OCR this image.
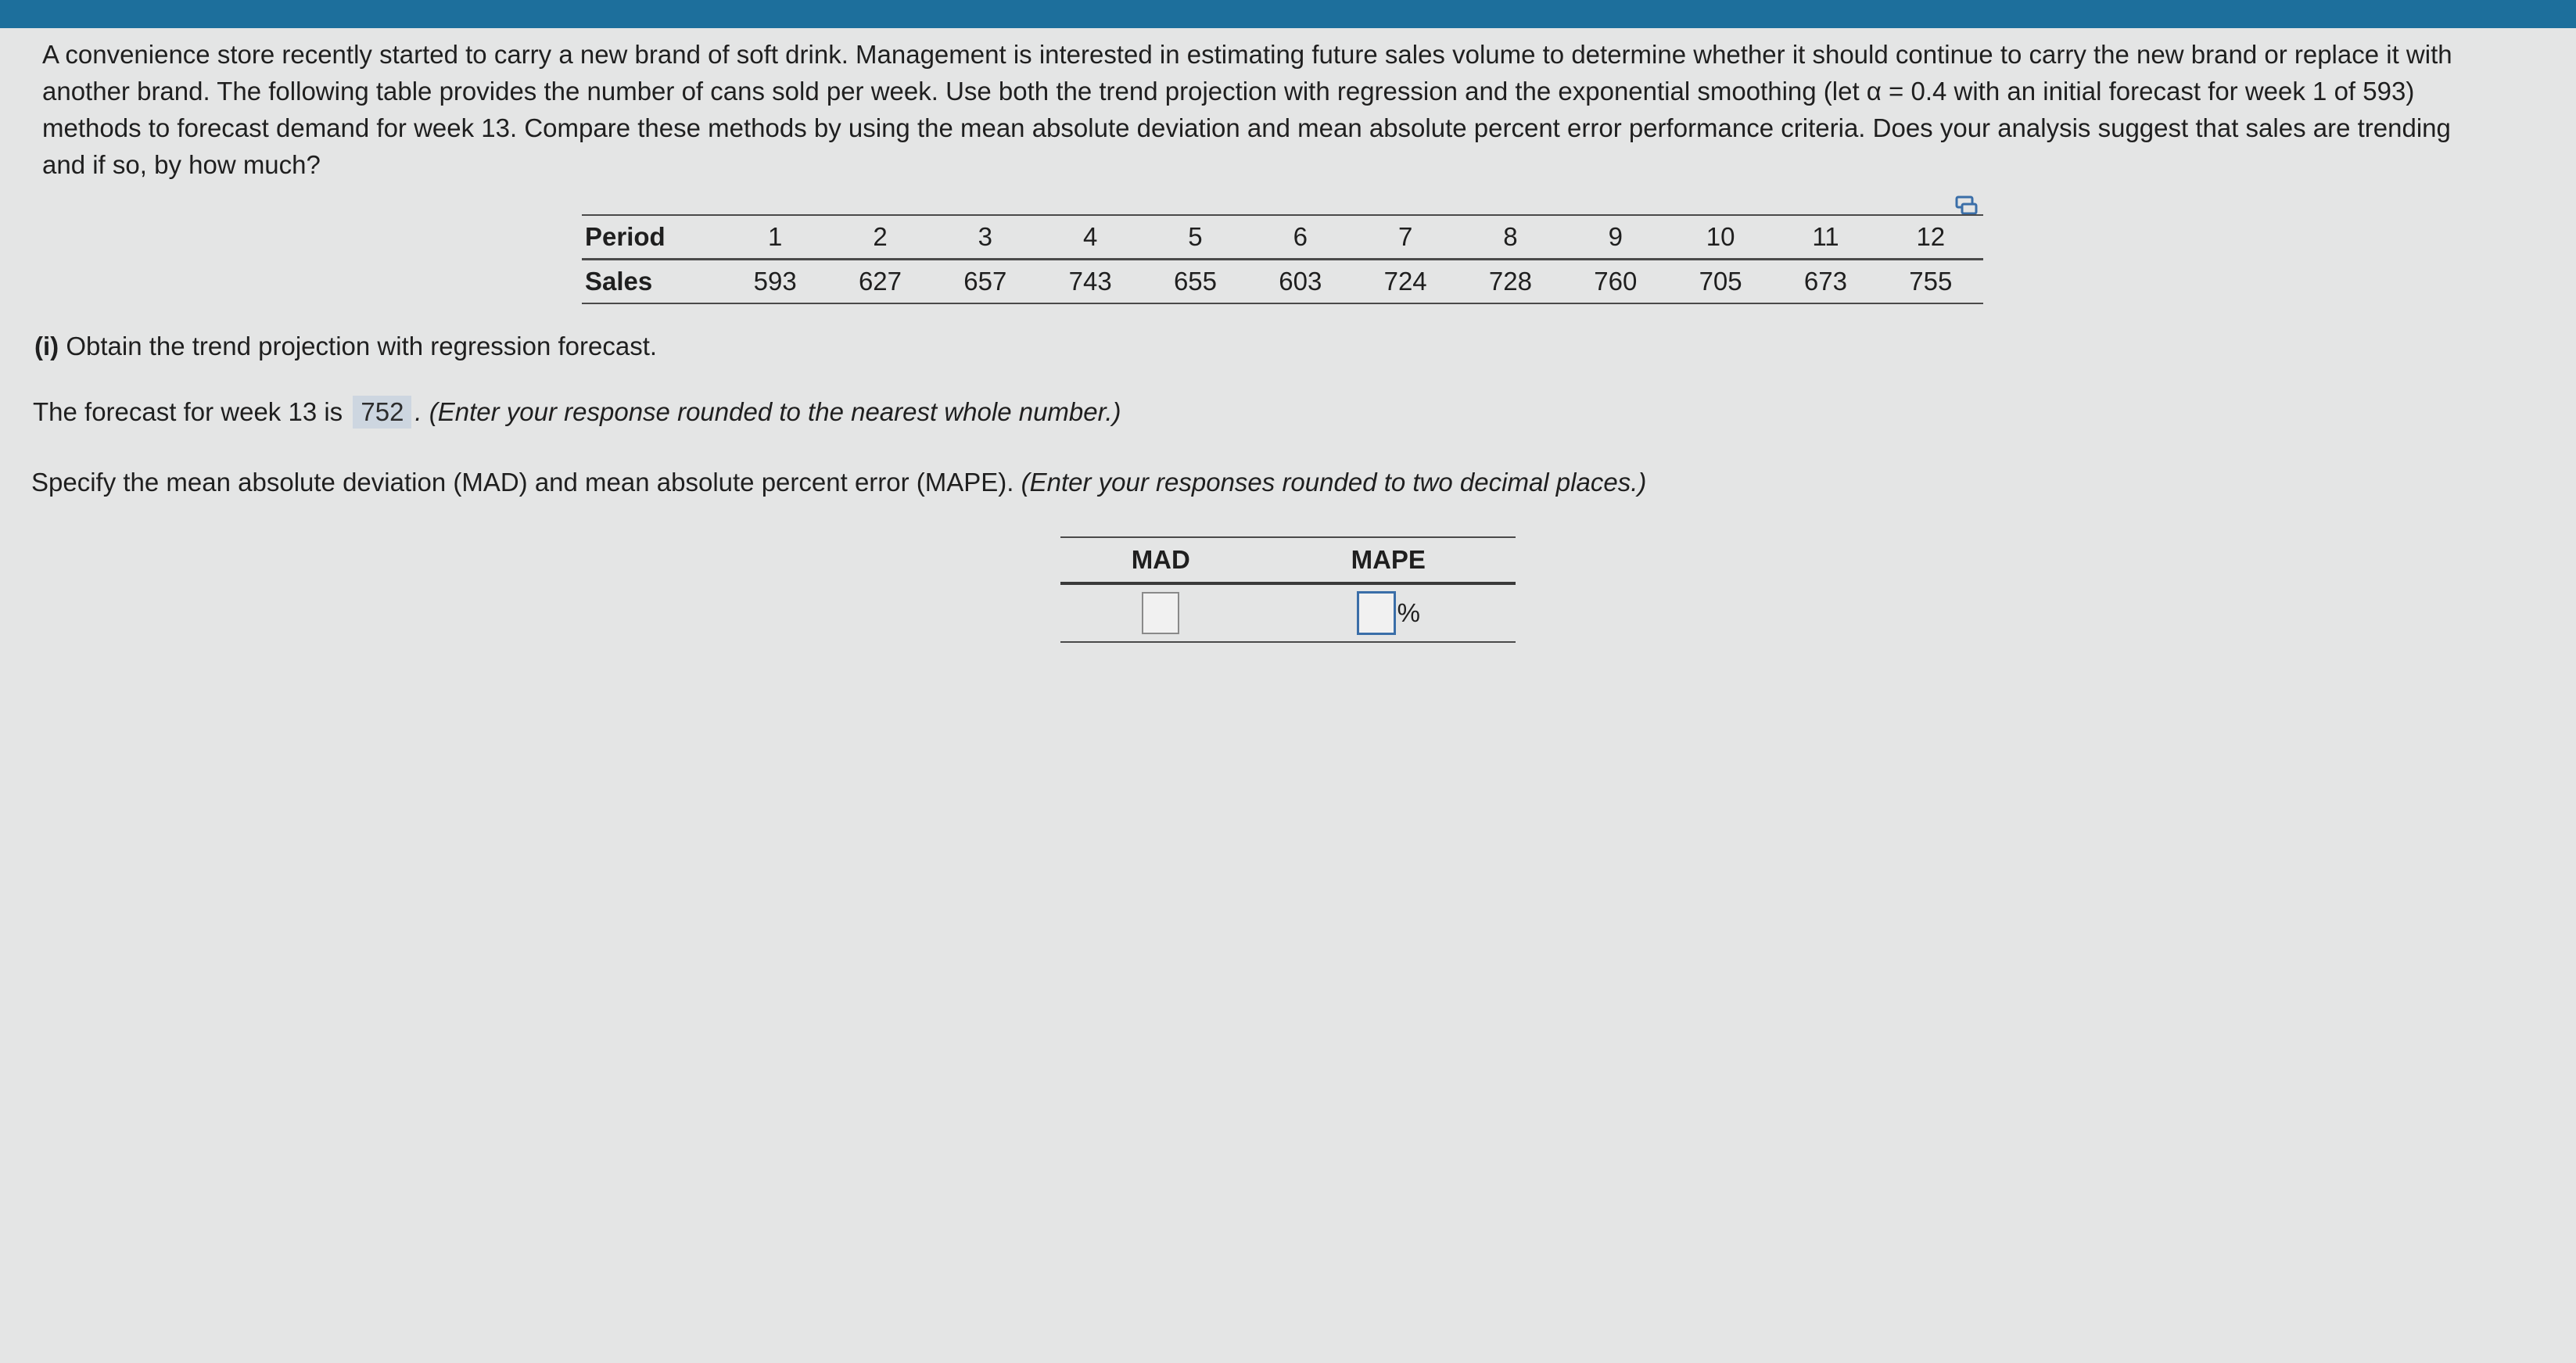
A convenience store recently started to carry a new brand of soft drink. Management is interested in estimating future sales volume to determine whether it should continue to carry the new brand or replace it with another brand. The following table provides the number of cans sold per week. Use both the trend projection with regression and the exponential smoothing (let α = 0.4 with an initial forecast for week 1 of 593) methods to forecast demand for week 13. Compare these methods by using the mean absolute deviation and mean absolute percent error performance criteria. Does your analysis suggest that sales are trending and if so, by how much?

Period	1	2	3	4	5	6	7	8	9	10	11	12
Sales	593	627	657	743	655	603	724	728	760	705	673	755

(i) Obtain the trend projection with regression forecast.

The forecast for week 13 is 752 . (Enter your response rounded to the nearest whole number.)

Specify the mean absolute deviation (MAD) and mean absolute percent error (MAPE). (Enter your responses rounded to two decimal places.)

MAD	MAPE
	%
